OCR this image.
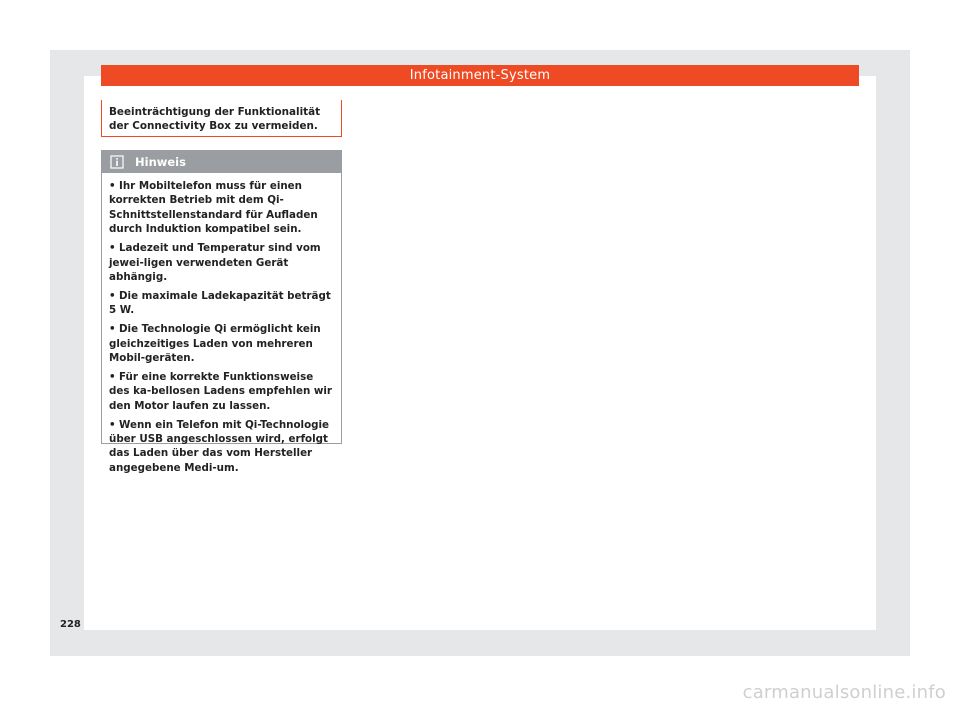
Infotainment-System
Beeinträchtigung der Funktionalität der Connectivity Box zu vermeiden.
Hinweis
• Ihr Mobiltelefon muss für einen korrekten Betrieb mit dem Qi-Schnittstellenstandard für Aufladen durch Induktion kompatibel sein.
• Ladezeit und Temperatur sind vom jewei-ligen verwendeten Gerät abhängig.
• Die maximale Ladekapazität beträgt 5 W.
• Die Technologie Qi ermöglicht kein gleichzeitiges Laden von mehreren Mobil-geräten.
• Für eine korrekte Funktionsweise des ka-bellosen Ladens empfehlen wir den Motor laufen zu lassen.
• Wenn ein Telefon mit Qi-Technologie über USB angeschlossen wird, erfolgt das Laden über das vom Hersteller angegebene Medi-um.
228
carmanualsonline.info
